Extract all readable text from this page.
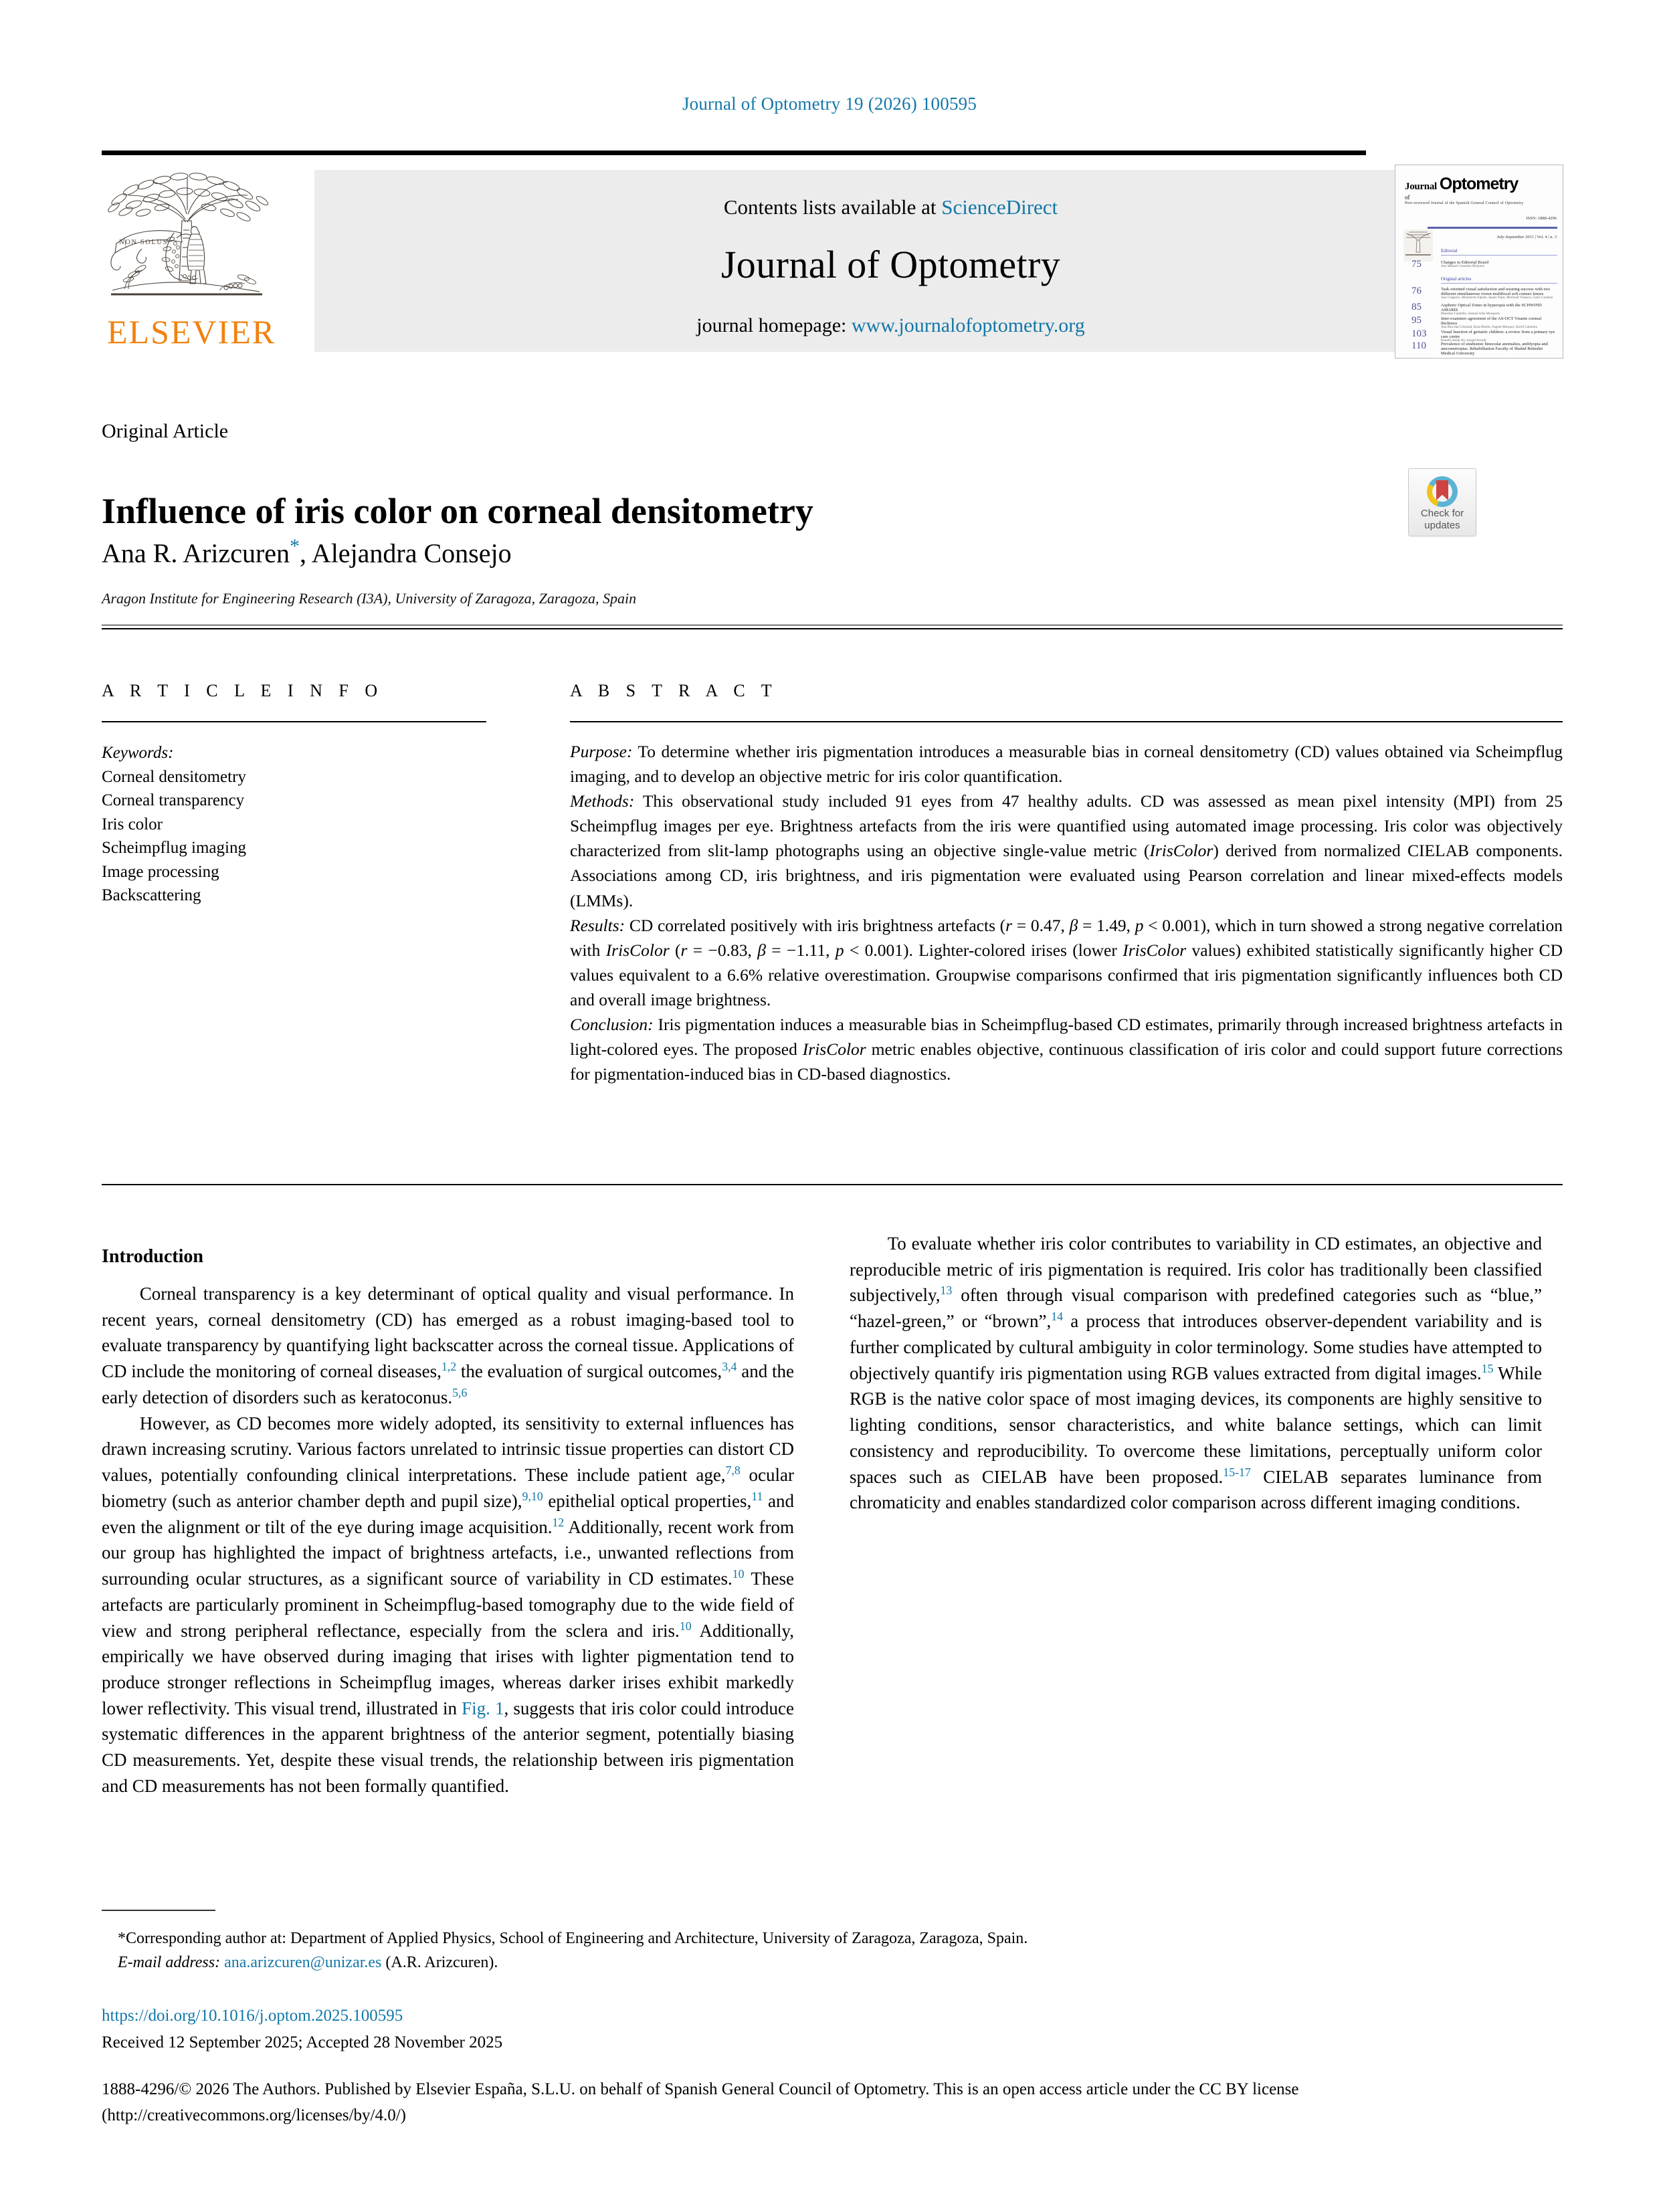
Journal of Optometry 19 (2026) 100595
NON SOLUS
ELSEVIER
Contents lists available at ScienceDirect
Journal of Optometry
journal homepage: www.journalofoptometry.org
Journal Optometry
of
Peer-reviewed Journal of the Spanish General Council of Optometry
ISSN: 1888-4296
July-September 2011 | Vol. 4 | n. 3
Editorial
75	Changes in Editorial Board
Jose Manuel Gonzalez-Meijome
Original articles
76	Task-oriented visual satisfaction and wearing success with two different simultaneous vision multifocal soft contact lenses
Jose Chaparro, Montserrat Alpiste, Jaume Pujol, Meritxell Vilaseca, Genis Cardona
85	Aspheric Optical Zones in hyperopia with the SCHWIND AMARIS
Massimo Camellin, Samuel Arba Mosquera
95	Inter-examiner agreement of the AS-OCT Visante corneal thickness
Ana Rita San Cristobal, Rosa Martin, Angela Marquez, David Galarreta
103	Visual function of geriatric children: a review from a primary eye care centre
Bonafli Abdul Ali, Amjad Arroufi
110	Prevalence of strabismic binocular anomalies, amblyopia and amcometropias. Rehabilitation Faculty of Shahid Beheshti Medical University
Original Article
Influence of iris color on corneal densitometry
Ana R. Arizcuren*, Alejandra Consejo
Aragon Institute for Engineering Research (I3A), University of Zaragoza, Zaragoza, Spain
Check for
updates
A R T I C L E I N F O	A B S T R A C T
Keywords:
Corneal densitometry
Corneal transparency
Iris color
Scheimpflug imaging
Image processing
Backscattering

Purpose: To determine whether iris pigmentation introduces a measurable bias in corneal densitometry (CD) values obtained via Scheimpflug imaging, and to develop an objective metric for iris color quantification.

Methods: This observational study included 91 eyes from 47 healthy adults. CD was assessed as mean pixel intensity (MPI) from 25 Scheimpflug images per eye. Brightness artefacts from the iris were quantified using automated image processing. Iris color was objectively characterized from slit-lamp photographs using an objective single-value metric (IrisColor) derived from normalized CIELAB components. Associations among CD, iris brightness, and iris pigmentation were evaluated using Pearson correlation and linear mixed-effects models (LMMs).

Results: CD correlated positively with iris brightness artefacts (r = 0.47, β = 1.49, p < 0.001), which in turn showed a strong negative correlation with IrisColor (r = −0.83, β = −1.11, p < 0.001). Lighter-colored irises (lower IrisColor values) exhibited statistically significantly higher CD values equivalent to a 6.6% relative overestimation. Groupwise comparisons confirmed that iris pigmentation significantly influences both CD and overall image brightness.

Conclusion: Iris pigmentation induces a measurable bias in Scheimpflug-based CD estimates, primarily through increased brightness artefacts in light-colored eyes. The proposed IrisColor metric enables objective, continuous classification of iris color and could support future corrections for pigmentation-induced bias in CD-based diagnostics.

Introduction

Corneal transparency is a key determinant of optical quality and visual performance. In recent years, corneal densitometry (CD) has emerged as a robust imaging-based tool to evaluate transparency by quantifying light backscatter across the corneal tissue. Applications of CD include the monitoring of corneal diseases,$^{1,2}$ the evaluation of surgical outcomes,$^{3,4}$ and the early detection of disorders such as keratoconus.$^{5,6}$

However, as CD becomes more widely adopted, its sensitivity to external influences has drawn increasing scrutiny. Various factors unrelated to intrinsic tissue properties can distort CD values, potentially confounding clinical interpretations. These include patient age,$^{7,8}$ ocular biometry (such as anterior chamber depth and pupil size),$^{9,10}$ epithelial optical properties,$^{11}$ and even the alignment or tilt of the eye during image acquisition.$^{12}$ Additionally, recent work from our group has highlighted the impact of brightness artefacts, i.e., unwanted reflections from surrounding ocular structures, as a significant source of variability in CD estimates.$^{10}$ These artefacts are particularly prominent in Scheimpflug-based tomography due to the wide field of view and strong peripheral reflectance, especially from the sclera and iris.$^{10}$ Additionally, empirically we have observed during imaging that irises with lighter pigmentation tend to produce stronger reflections in Scheimpflug images, whereas darker irises exhibit markedly lower reflectivity. This visual trend, illustrated in Fig. 1, suggests that iris color could introduce systematic differences in the apparent brightness of the anterior segment, potentially biasing CD measurements. Yet, despite these visual trends, the relationship between iris pigmentation and CD measurements has not been formally quantified.

To evaluate whether iris color contributes to variability in CD estimates, an objective and reproducible metric of iris pigmentation is required. Iris color has traditionally been classified subjectively,$^{13}$ often through visual comparison with predefined categories such as “blue,” “hazel-green,” or “brown”,$^{14}$ a process that introduces observer-dependent variability and is further complicated by cultural ambiguity in color terminology. Some studies have attempted to objectively quantify iris pigmentation using RGB values extracted from digital images.$^{15}$ While RGB is the native color space of most imaging devices, its components are highly sensitive to lighting conditions, sensor characteristics, and white balance settings, which can limit consistency and reproducibility. To overcome these limitations, perceptually uniform color spaces such as CIELAB have been proposed.$^{15-17}$ CIELAB separates luminance from chromaticity and enables standardized color comparison across different imaging conditions.

*Corresponding author at: Department of Applied Physics, School of Engineering and Architecture, University of Zaragoza, Zaragoza, Spain.
E-mail address: ana.arizcuren@unizar.es (A.R. Arizcuren).
https://doi.org/10.1016/j.optom.2025.100595
Received 12 September 2025; Accepted 28 November 2025
1888-4296/© 2026 The Authors. Published by Elsevier España, S.L.U. on behalf of Spanish General Council of Optometry. This is an open access article under the CC BY license (http://creativecommons.org/licenses/by/4.0/)
